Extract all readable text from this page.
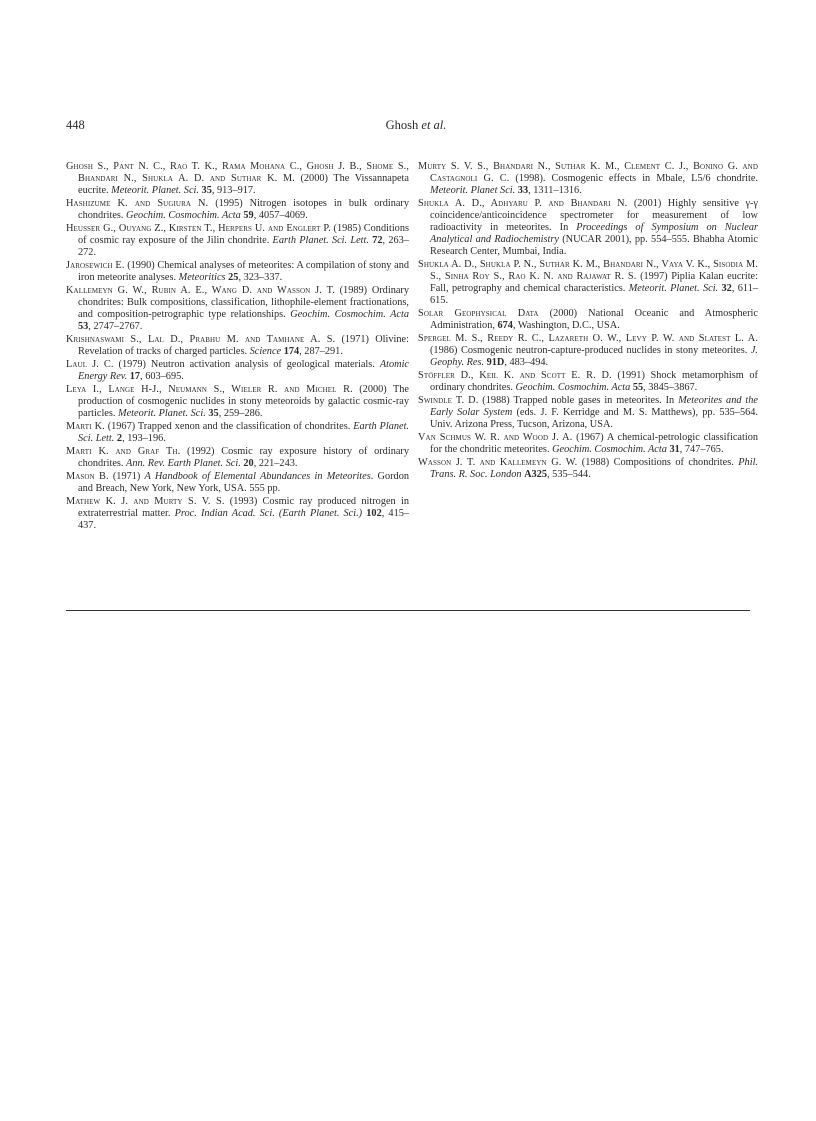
448	Ghosh et al.

Ghosh S., Pant N. C., Rao T. K., Rama Mohana C., Ghosh J. B., Shome S., Bhandari N., Shukla A. D. and Suthar K. M. (2000) The Vissannapeta eucrite. Meteorit. Planet. Sci. 35, 913–917.

Hashizume K. and Sugiura N. (1995) Nitrogen isotopes in bulk ordinary chondrites. Geochim. Cosmochim. Acta 59, 4057–4069.

Heusser G., Ouyang Z., Kirsten T., Herpers U. and Englert P. (1985) Conditions of cosmic ray exposure of the Jilin chondrite. Earth Planet. Sci. Lett. 72, 263–272.

Jarosewich E. (1990) Chemical analyses of meteorites: A compilation of stony and iron meteorite analyses. Meteoritics 25, 323–337.

Kallemeyn G. W., Rubin A. E., Wang D. and Wasson J. T. (1989) Ordinary chondrites: Bulk compositions, classification, lithophile-element fractionations, and composition-petrographic type relationships. Geochim. Cosmochim. Acta 53, 2747–2767.

Krishnaswami S., Lal D., Prabhu M. and Tamhane A. S. (1971) Olivine: Revelation of tracks of charged particles. Science 174, 287–291.

Laul J. C. (1979) Neutron activation analysis of geological materials. Atomic Energy Rev. 17, 603–695.

Leya I., Lange H-J., Neumann S., Wieler R. and Michel R. (2000) The production of cosmogenic nuclides in stony meteoroids by galactic cosmic-ray particles. Meteorit. Planet. Sci. 35, 259–286.

Marti K. (1967) Trapped xenon and the classification of chondrites. Earth Planet. Sci. Lett. 2, 193–196.

Marti K. and Graf Th. (1992) Cosmic ray exposure history of ordinary chondrites. Ann. Rev. Earth Planet. Sci. 20, 221–243.

Mason B. (1971) A Handbook of Elemental Abundances in Meteorites. Gordon and Breach, New York, New York, USA. 555 pp.

Mathew K. J. and Murty S. V. S. (1993) Cosmic ray produced nitrogen in extraterrestrial matter. Proc. Indian Acad. Sci. (Earth Planet. Sci.) 102, 415–437.

Murty S. V. S., Bhandari N., Suthar K. M., Clement C. J., Bonino G. and Castagnoli G. C. (1998). Cosmogenic effects in Mbale, L5/6 chondrite. Meteorit. Planet Sci. 33, 1311–1316.

Shukla A. D., Adhyaru P. and Bhandari N. (2001) Highly sensitive γ-γ coincidence/anticoincidence spectrometer for measurement of low radioactivity in meteorites. In Proceedings of Symposium on Nuclear Analytical and Radiochemistry (NUCAR 2001), pp. 554–555. Bhabha Atomic Research Center, Mumbai, India.

Shukla A. D., Shukla P. N., Suthar K. M., Bhandari N., Vaya V. K., Sisodia M. S., Sinha Roy S., Rao K. N. and Rajawat R. S. (1997) Piplia Kalan eucrite: Fall, petrography and chemical characteristics. Meteorit. Planet. Sci. 32, 611–615.

Solar Geophysical Data (2000) National Oceanic and Atmospheric Administration, 674, Washington, D.C., USA.

Spergel M. S., Reedy R. C., Lazareth O. W., Levy P. W. and Slatest L. A. (1986) Cosmogenic neutron-capture-produced nuclides in stony meteorites. J. Geophy. Res. 91D, 483–494.

Stöffler D., Keil K. and Scott E. R. D. (1991) Shock metamorphism of ordinary chondrites. Geochim. Cosmochim. Acta 55, 3845–3867.

Swindle T. D. (1988) Trapped noble gases in meteorites. In Meteorites and the Early Solar System (eds. J. F. Kerridge and M. S. Matthews), pp. 535–564. Univ. Arizona Press, Tucson, Arizona, USA.

Van Schmus W. R. and Wood J. A. (1967) A chemical-petrologic classification for the chondritic meteorites. Geochim. Cosmochim. Acta 31, 747–765.

Wasson J. T. and Kallemeyn G. W. (1988) Compositions of chondrites. Phil. Trans. R. Soc. London A325, 535–544.
